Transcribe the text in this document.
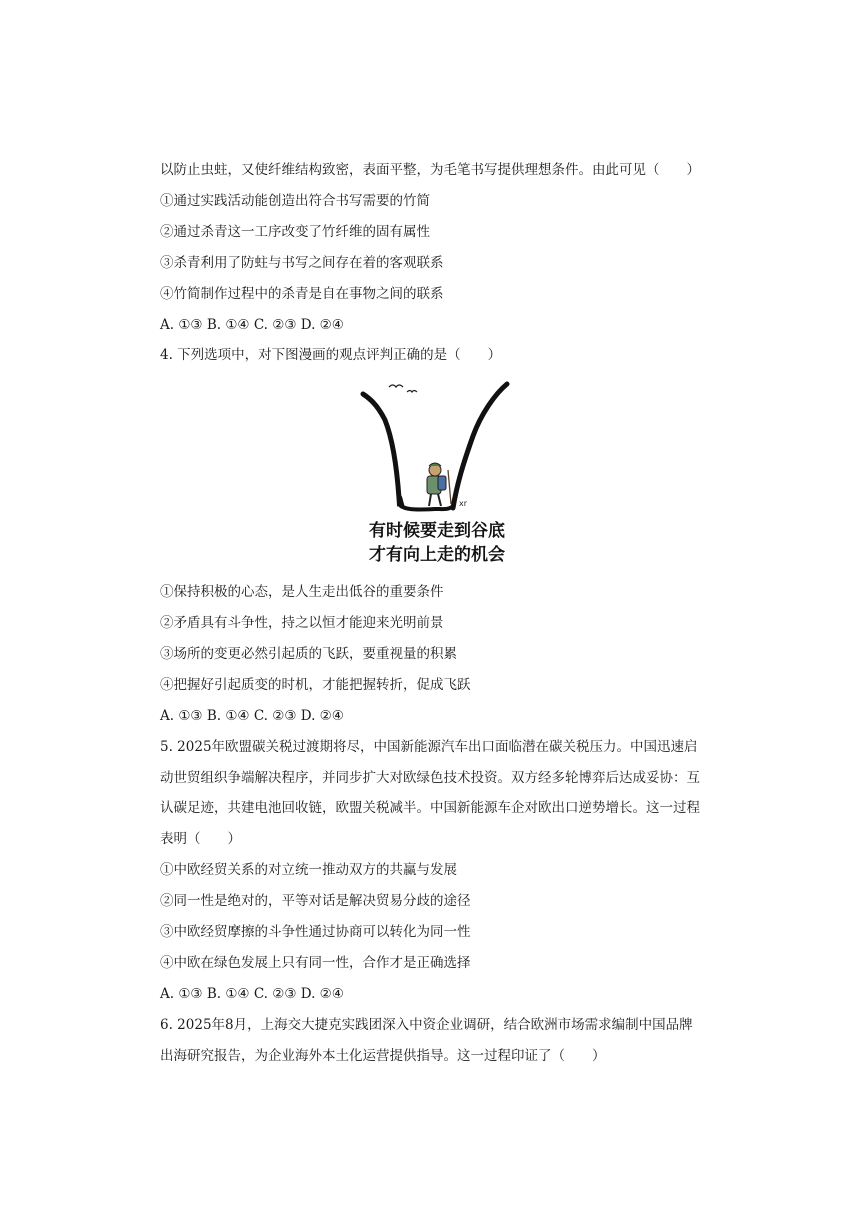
以防止虫蛀，又使纤维结构致密，表面平整，为毛笔书写提供理想条件。由此可见（　　）
①通过实践活动能创造出符合书写需要的竹简
②通过杀青这一工序改变了竹纤维的固有属性
③杀青利用了防蛀与书写之间存在着的客观联系
④竹简制作过程中的杀青是自在事物之间的联系
A. ①③ B. ①④ C. ②③ D. ②④
4. 下列选项中，对下图漫画的观点评判正确的是（　　）
xr
有时候要走到谷底
才有向上走的机会
①保持积极的心态，是人生走出低谷的重要条件
②矛盾具有斗争性，持之以恒才能迎来光明前景
③场所的变更必然引起质的飞跃，要重视量的积累
④把握好引起质变的时机，才能把握转折，促成飞跃
A. ①③ B. ①④ C. ②③ D. ②④
5. 2025年欧盟碳关税过渡期将尽，中国新能源汽车出口面临潜在碳关税压力。中国迅速启
动世贸组织争端解决程序，并同步扩大对欧绿色技术投资。双方经多轮博弈后达成妥协：互
认碳足迹，共建电池回收链，欧盟关税减半。中国新能源车企对欧出口逆势增长。这一过程
表明（　　）
①中欧经贸关系的对立统一推动双方的共赢与发展
②同一性是绝对的，平等对话是解决贸易分歧的途径
③中欧经贸摩擦的斗争性通过协商可以转化为同一性
④中欧在绿色发展上只有同一性，合作才是正确选择
A. ①③ B. ①④ C. ②③ D. ②④
6. 2025年8月，上海交大捷克实践团深入中资企业调研，结合欧洲市场需求编制中国品牌
出海研究报告，为企业海外本土化运营提供指导。这一过程印证了（　　）
